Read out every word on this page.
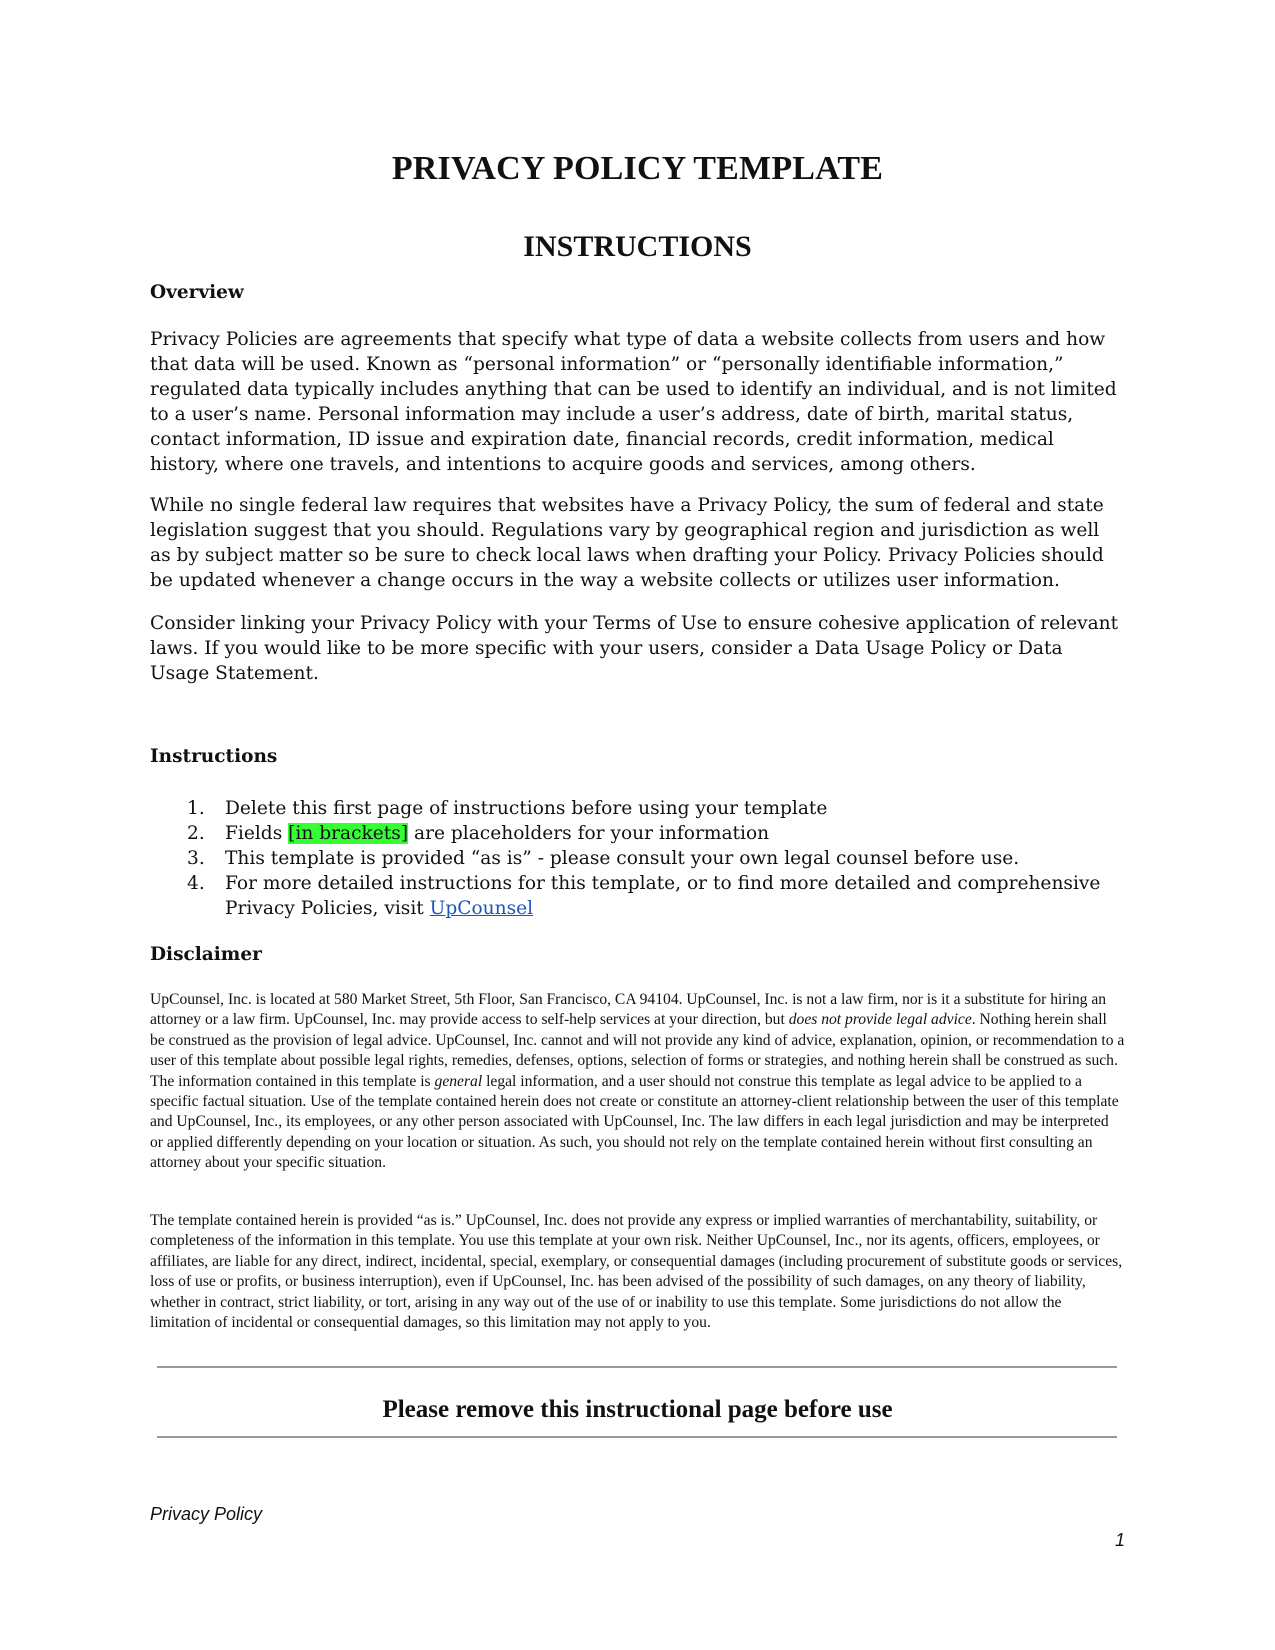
PRIVACY POLICY TEMPLATE
INSTRUCTIONS
Overview

Privacy Policies are agreements that specify what type of data a website collects from users and how that data will be used. Known as “personal information” or “personally identifiable information,” regulated data typically includes anything that can be used to identify an individual, and is not limited to a user’s name. Personal information may include a user’s address, date of birth, marital status, contact information, ID issue and expiration date, financial records, credit information, medical history, where one travels, and intentions to acquire goods and services, among others.

While no single federal law requires that websites have a Privacy Policy, the sum of federal and state legislation suggest that you should. Regulations vary by geographical region and jurisdiction as well as by subject matter so be sure to check local laws when drafting your Policy. Privacy Policies should be updated whenever a change occurs in the way a website collects or utilizes user information.

Consider linking your Privacy Policy with your Terms of Use to ensure cohesive application of relevant laws. If you would like to be more specific with your users, consider a Data Usage Policy or Data Usage Statement.

Instructions
1. Delete this first page of instructions before using your template
2. Fields [in brackets] are placeholders for your information
3. This template is provided “as is” - please consult your own legal counsel before use.
4. For more detailed instructions for this template, or to find more detailed and comprehensive Privacy Policies, visit UpCounsel
Disclaimer

UpCounsel, Inc. is located at 580 Market Street, 5th Floor, San Francisco, CA 94104. UpCounsel, Inc. is not a law firm, nor is it a substitute for hiring an attorney or a law firm. UpCounsel, Inc. may provide access to self-help services at your direction, but does not provide legal advice. Nothing herein shall be construed as the provision of legal advice. UpCounsel, Inc. cannot and will not provide any kind of advice, explanation, opinion, or recommendation to a user of this template about possible legal rights, remedies, defenses, options, selection of forms or strategies, and nothing herein shall be construed as such. The information contained in this template is general legal information, and a user should not construe this template as legal advice to be applied to a specific factual situation. Use of the template contained herein does not create or constitute an attorney-client relationship between the user of this template and UpCounsel, Inc., its employees, or any other person associated with UpCounsel, Inc. The law differs in each legal jurisdiction and may be interpreted or applied differently depending on your location or situation. As such, you should not rely on the template contained herein without first consulting an attorney about your specific situation.

The template contained herein is provided “as is.” UpCounsel, Inc. does not provide any express or implied warranties of merchantability, suitability, or completeness of the information in this template. You use this template at your own risk. Neither UpCounsel, Inc., nor its agents, officers, employees, or affiliates, are liable for any direct, indirect, incidental, special, exemplary, or consequential damages (including procurement of substitute goods or services, loss of use or profits, or business interruption), even if UpCounsel, Inc. has been advised of the possibility of such damages, on any theory of liability, whether in contract, strict liability, or tort, arising in any way out of the use of or inability to use this template. Some jurisdictions do not allow the limitation of incidental or consequential damages, so this limitation may not apply to you.

Please remove this instructional page before use
Privacy Policy
1
